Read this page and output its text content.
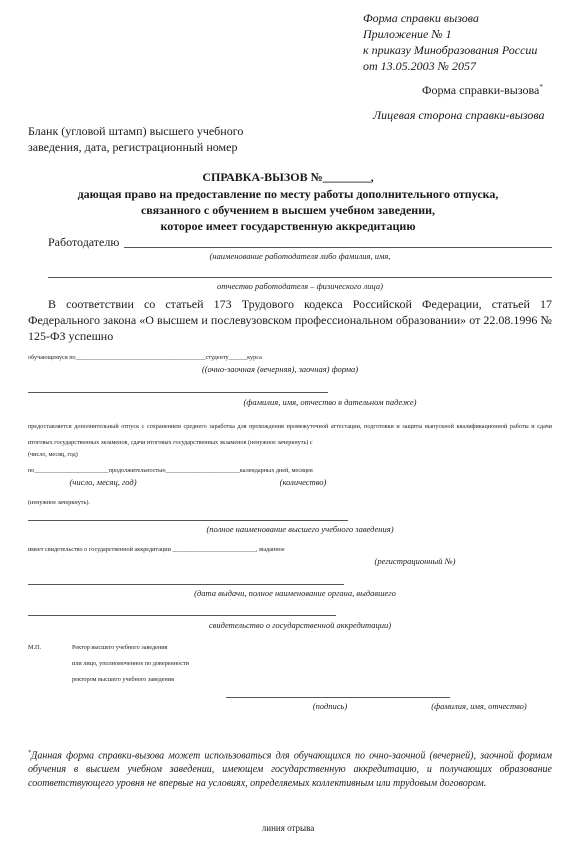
Форма справки вызова
Приложение № 1
к приказу Минобразования России
от 13.05.2003 № 2057
Форма справки-вызова*
Лицевая сторона справки-вызова
Бланк (угловой штамп) высшего учебного
заведения, дата, регистрационный номер
СПРАВКА-ВЫЗОВ №________,
дающая право на предоставление по месту работы дополнительного отпуска,
связанного с обучением в высшем учебном заведении,
которое имеет государственную аккредитацию
Работодателю
(наименование работодателя либо фамилия, имя,
отчество работодателя – физического лица)
В соответствии со статьей 173 Трудового кодекса Российской Федерации, статьей 17 Федерального закона «О высшем и послевузовском профессиональном образовании» от 22.08.1996 № 125-ФЗ успешно
обучающемуся по__________________________________________студенту______курса
((очно-заочная (вечерняя), заочная) форма)
(фамилия, имя, отчество в дательном падеже)
предоставляется дополнительный отпуск с сохранением среднего заработка для прохождения промежуточной аттестации, подготовки и защиты выпускной квалификационной работы и сдачи итоговых государственных экзаменов, сдачи итоговых государственных экзаменов (ненужное зачеркнуть) с
(число, месяц, год)
по________________________продолжительностью________________________календарных дней, месяцев
(число, месяц, год)	(количество)
(ненужное зачеркнуть).
(полное наименование высшего учебного заведения)
имеет свидетельство о государственной аккредитации ___________________________, выданное
(регистрационный №)
(дата выдачи, полное наименование органа, выдавшего
свидетельство о государственной аккредитации)
М.П.	Ректор высшего учебного заведения
или лицо, уполномоченное по доверенности
ректором высшего учебного заведения
(подпись)	(фамилия, имя, отчество)
*Данная форма справки-вызова может использоваться для обучающихся по очно-заочной (вечерней), заочной формам обучения в высшем учебном заведении, имеющем государственную аккредитацию, и получающих образование соответствующего уровня не впервые на условиях, определяемых коллективным или трудовым договором.
линия отрыва
